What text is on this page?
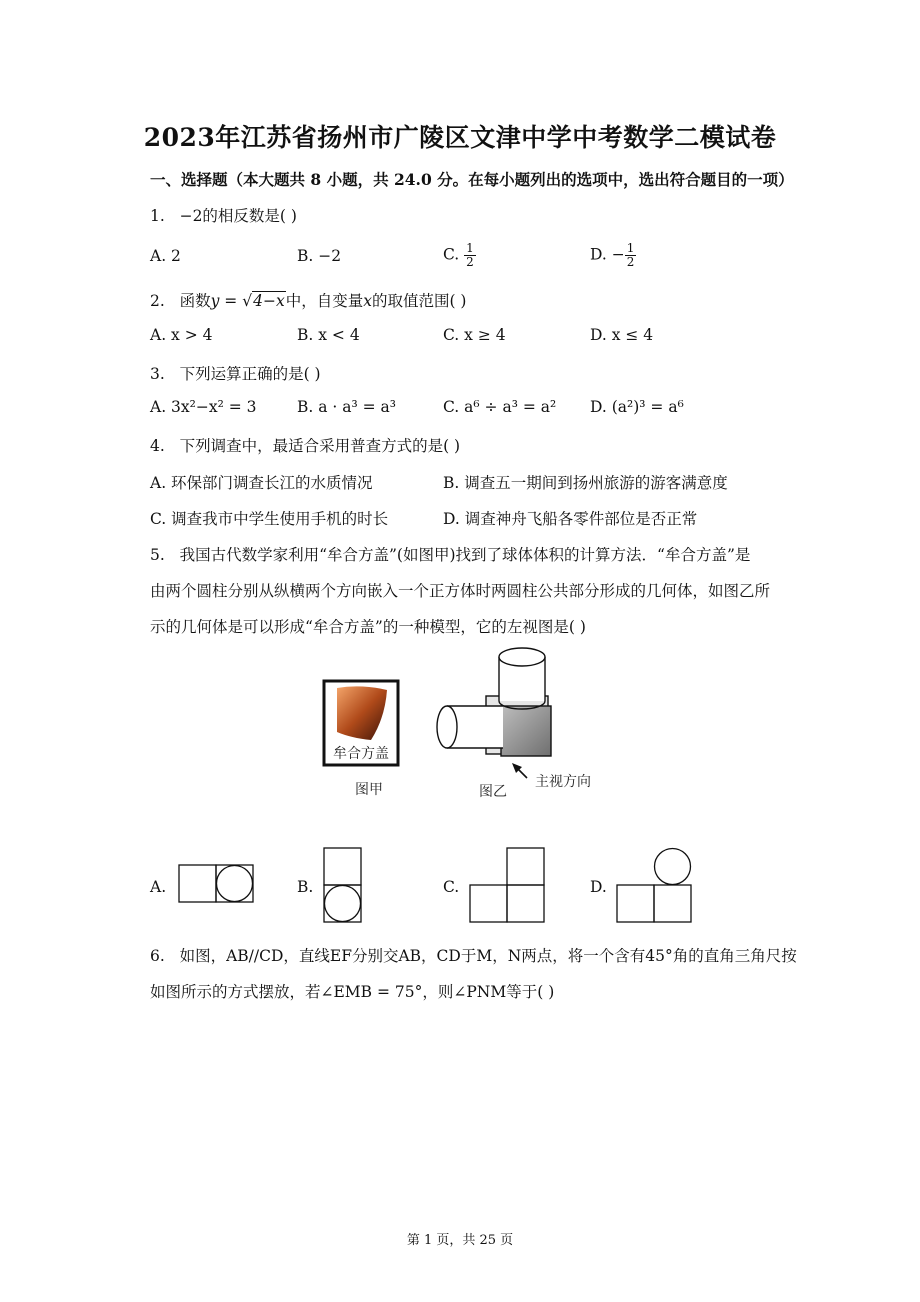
2023年江苏省扬州市广陵区文津中学中考数学二模试卷
一、选择题（本大题共 8 小题，共 24.0 分。在每小题列出的选项中，选出符合题目的一项）
1. −2的相反数是( )
A. 2	B. −2	C. $\frac{1}{2}$	D. − $\frac{1}{2}$
2. 函数y = √4−x中，自变量x的取值范围( )
A. x > 4	B. x < 4	C. x ≥ 4	D. x ≤ 4
3. 下列运算正确的是( )
A. 3x²−x² = 3	B. a · a³ = a³	C. a⁶ ÷ a³ = a² D. (a²)³ = a⁶
4. 下列调查中，最适合采用普查方式的是( )
A. 环保部门调查长江的水质情况	B. 调查五一期间到扬州旅游的游客满意度
C. 调查我市中学生使用手机的时长	D. 调查神舟飞船各零件部位是否正常
5. 我国古代数学家利用“牟合方盖”(如图甲)找到了球体体积的计算方法．“牟合方盖”是
由两个圆柱分别从纵横两个方向嵌入一个正方体时两圆柱公共部分形成的几何体，如图乙所
示的几何体是可以形成“牟合方盖”的一种模型，它的左视图是( )
牟合方盖
图甲	主视方向
图乙
A.	B.	C.	D.
6. 如图，AB//CD，直线EF分别交AB，CD于M，N两点，将一个含有45°角的直角三角尺按
如图所示的方式摆放，若∠EMB = 75°，则∠PNM等于( )
第 1 页，共 25 页
